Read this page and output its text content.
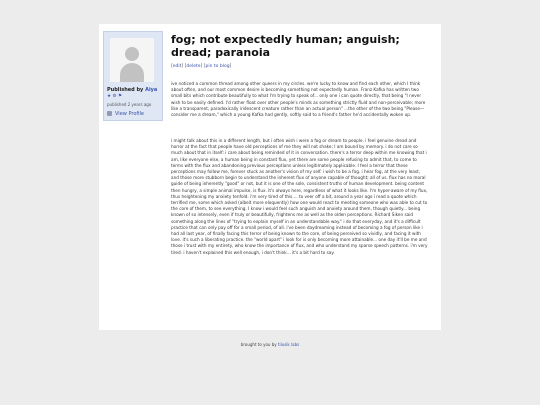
Published by Aiya
★ ⚙ ⚑
published 2 years ago
View Profile
fog; not expectedly human; anguish; dread; paranoia
[edit] [delete] [pin to blog]

ive noticed a common thread among other queers in my circles. we're lucky to know and find each other, which I think about often, and our most common desire is becoming something not expectedly human. Franz Kafka has written two small bits which contribute beautifully to what I'm trying to speak of... only one i can quote directly, that being "I never wish to be easily defined. I'd rather float over other people's minds as something strictly fluid and non-perceivable; more like a transparent, paradoxically iridescent creature rather than an actual person" ...the other of the two being "Please—consider me a dream," which a young Kafka had gently, softly said to a friend's father he'd accidentally woken up.

i might talk about this in a different length, but i often wish i were a fog or dream to people. i feel genuine dread and horror at the fact that people have old perceptions of me they will not shake; I am bound by memory. i do not care so much about that in itself: i care about being reminded of it in conversation. there's a terror deep within me knowing that i am, like everyone else, a human being in constant flux, yet there are some people refusing to admit that, to come to terms with the flux and abandoning previous perceptions unless legitimately applicable. I feel a terror that these perceptions may follow me, forever stuck as another's vision of my self. i wish to be a fog. i hear fog, at the very least, and those more stubborn begin to understand the inherent flux of anyone capable of thought; all of us. flux has no moral guide of being inherently "good" or not, but it is one of the sole, consistent truths of human development. being content then hungry, a simple animal impulse, is flux. it's always here, regardless of what it looks like. I'm hyper-aware of my flux, thus heightening my anxiety tenfold. i'm very tired of this.... to veer off a bit, around a year ago i read a quote which terrified me, some which asked (albeit more eloquently) how one would react to meeting someone who was able to cut to the core of them, to see everything. I know i would feel such anguish and anxiety around them, though quietly... being known of so intensely, even if truly or beautifully, frightens me as well as the olden perceptions. Richard Siken said something along the lines of "trying to explain myself in an understandable way." i do that everyday, and it's a difficult practice that can only pay off for a small period, of all. i've been daydreaming instead of becoming a fog of person like i had all last year, of finally facing this terror of being known to the core, of being perceived so vividly, and facing it with love. it's such a liberating practice. the "world apart" i look for is only becoming more attainable... one day it'll be me and those i trust with my entirety, who know the importance of flux, and who understand my sparse speech patterns. i'm very tired. i haven't explained this well enough, i don't think... it's a bit hard to say.

brought to you by tilusik labs
